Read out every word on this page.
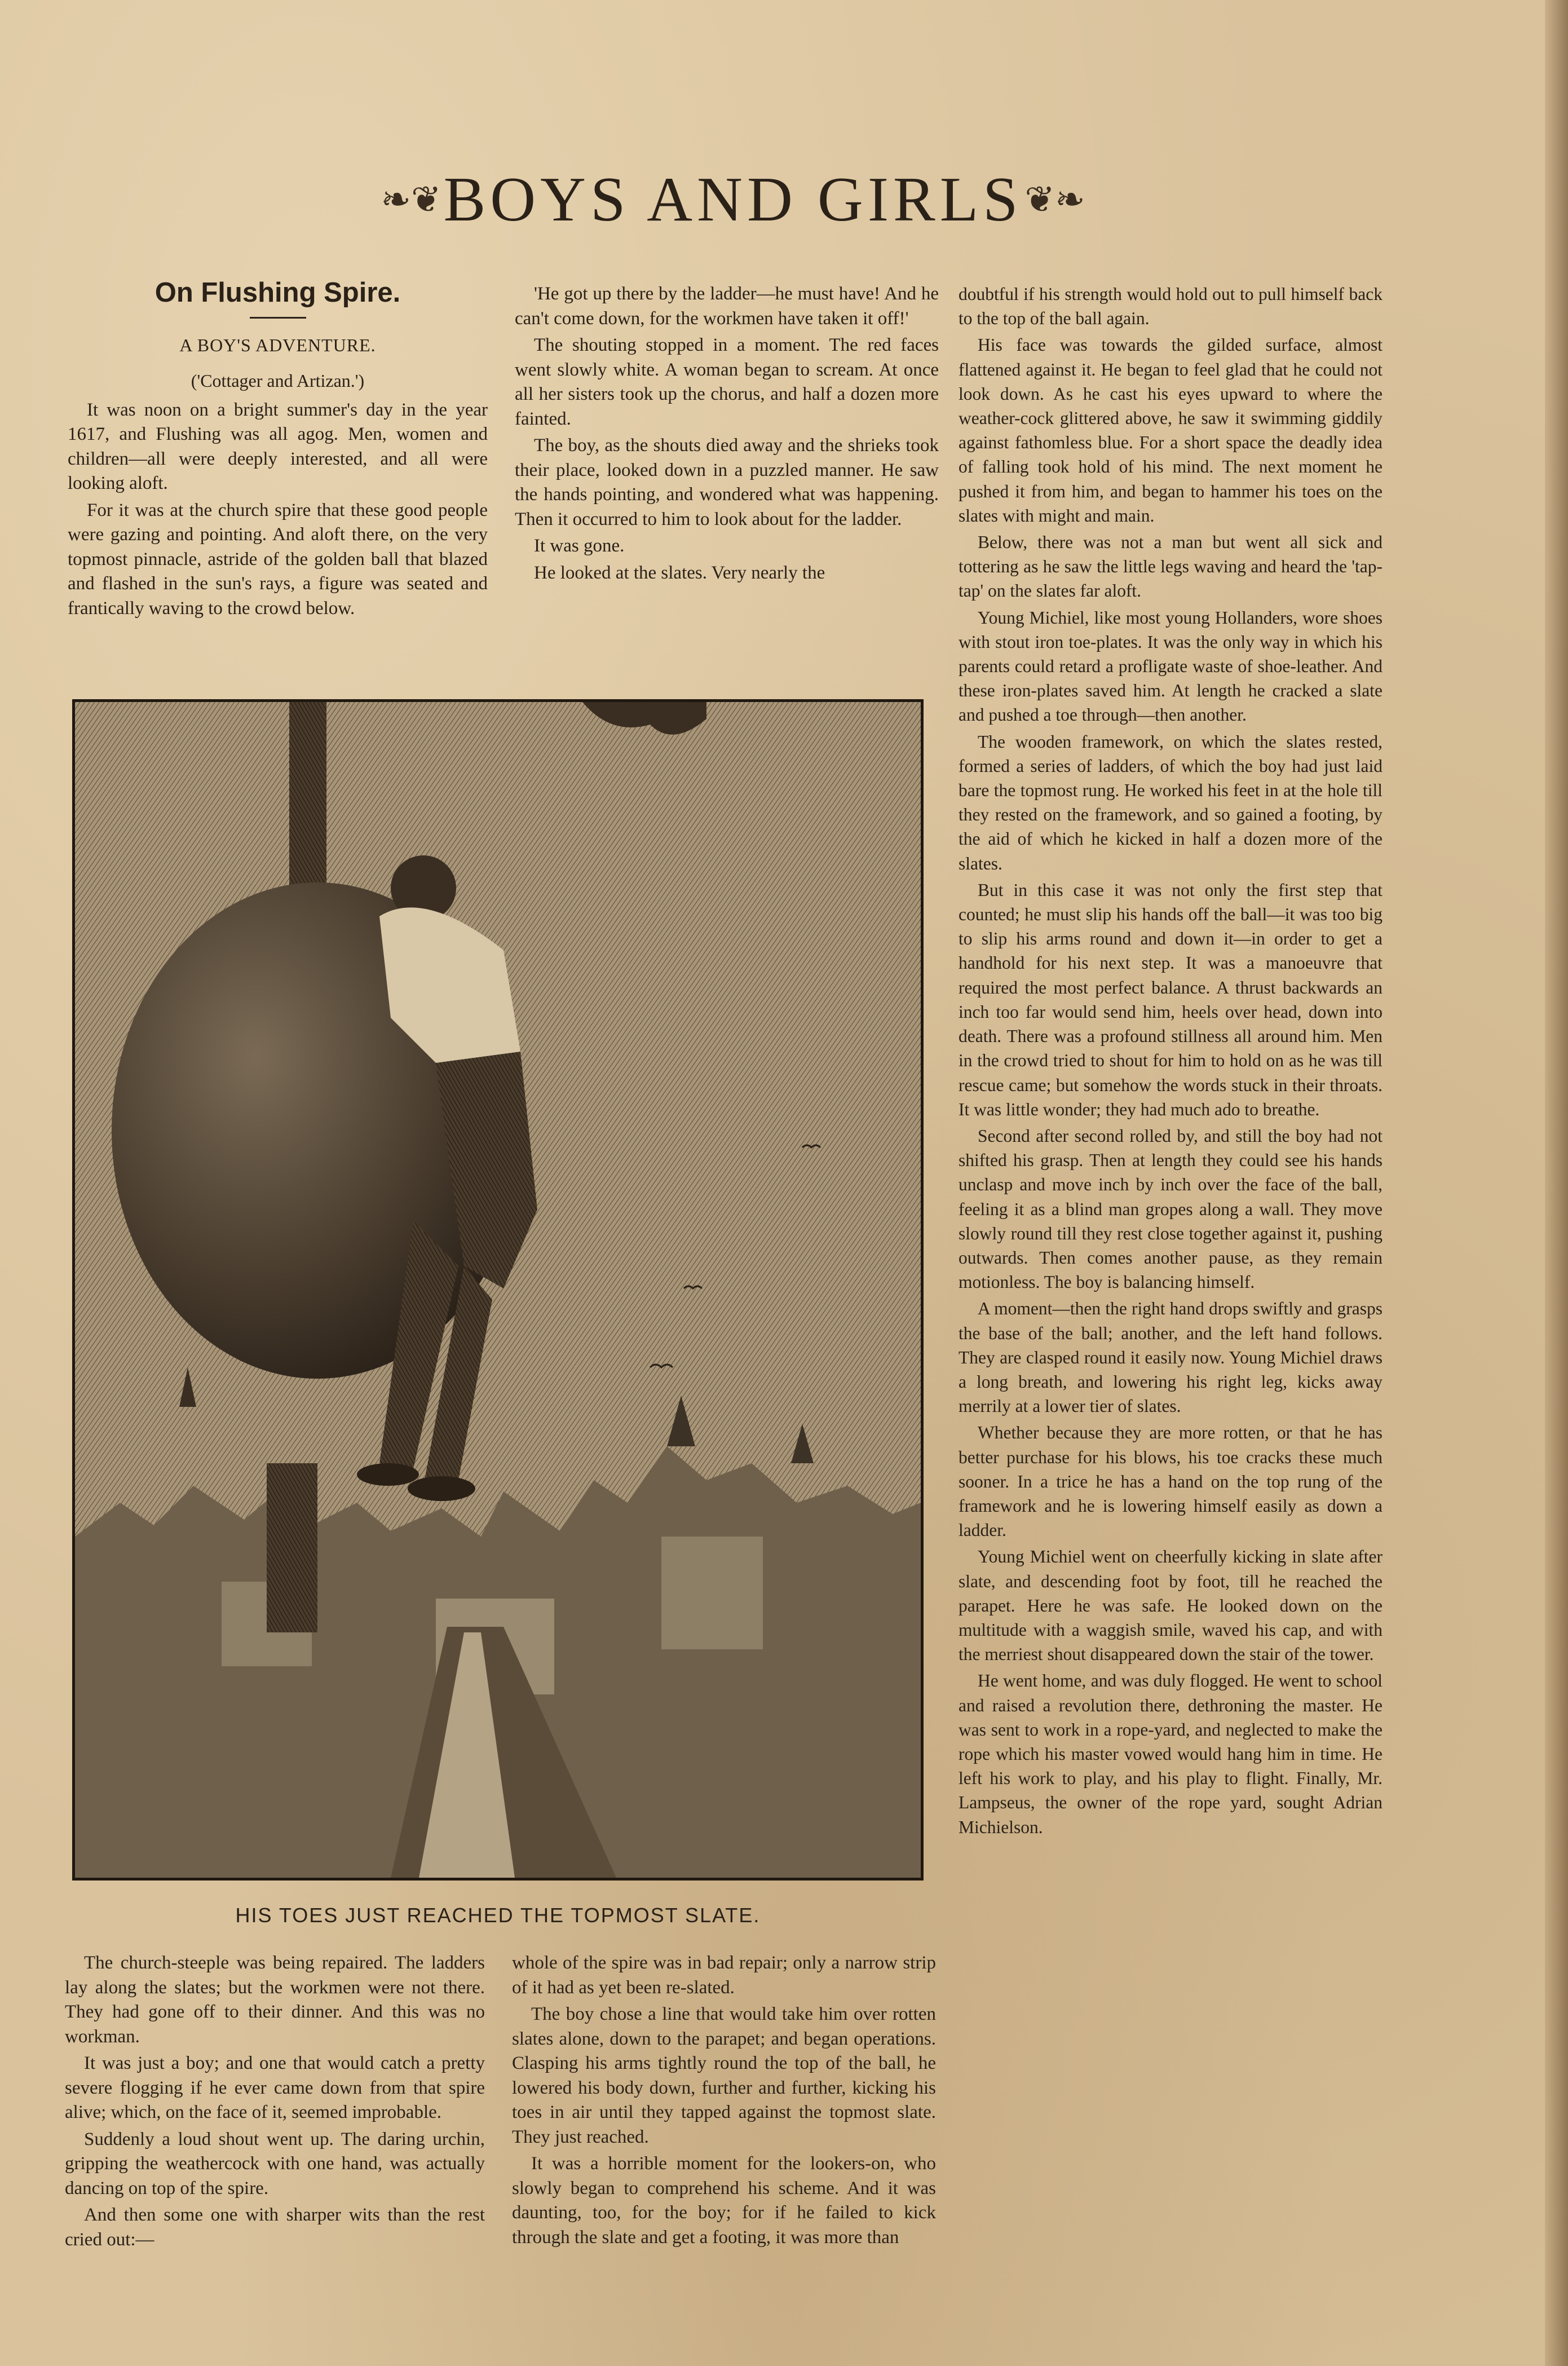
❧❦ BOYS AND GIRLS ❦❧
On Flushing Spire.
A BOY'S ADVENTURE.
('Cottager and Artizan.')

It was noon on a bright summer's day in the year 1617, and Flushing was all agog. Men, women and children—all were deeply interested, and all were looking aloft.

For it was at the church spire that these good people were gazing and pointing. And aloft there, on the very topmost pinnacle, astride of the golden ball that blazed and flashed in the sun's rays, a figure was seated and frantically waving to the crowd below.

'He got up there by the ladder—he must have! And he can't come down, for the workmen have taken it off!'

The shouting stopped in a moment. The red faces went slowly white. A woman began to scream. At once all her sisters took up the chorus, and half a dozen more fainted.

The boy, as the shouts died away and the shrieks took their place, looked down in a puzzled manner. He saw the hands pointing, and wondered what was happening. Then it occurred to him to look about for the ladder.

It was gone.

He looked at the slates. Very nearly the

doubtful if his strength would hold out to pull himself back to the top of the ball again.

His face was towards the gilded surface, almost flattened against it. He began to feel glad that he could not look down. As he cast his eyes upward to where the weather-cock glittered above, he saw it swimming giddily against fathomless blue. For a short space the deadly idea of falling took hold of his mind. The next moment he pushed it from him, and began to hammer his toes on the slates with might and main.

Below, there was not a man but went all sick and tottering as he saw the little legs waving and heard the 'tap-tap' on the slates far aloft.

Young Michiel, like most young Hollanders, wore shoes with stout iron toe-plates. It was the only way in which his parents could retard a profligate waste of shoe-leather. And these iron-plates saved him. At length he cracked a slate and pushed a toe through—then another.

The wooden framework, on which the slates rested, formed a series of ladders, of which the boy had just laid bare the topmost rung. He worked his feet in at the hole till they rested on the framework, and so gained a footing, by the aid of which he kicked in half a dozen more of the slates.

But in this case it was not only the first step that counted; he must slip his hands off the ball—it was too big to slip his arms round and down it—in order to get a handhold for his next step. It was a manoeuvre that required the most perfect balance. A thrust backwards an inch too far would send him, heels over head, down into death. There was a profound stillness all around him. Men in the crowd tried to shout for him to hold on as he was till rescue came; but somehow the words stuck in their throats. It was little wonder; they had much ado to breathe.

Second after second rolled by, and still the boy had not shifted his grasp. Then at length they could see his hands unclasp and move inch by inch over the face of the ball, feeling it as a blind man gropes along a wall. They move slowly round till they rest close together against it, pushing outwards. Then comes another pause, as they remain motionless. The boy is balancing himself.

A moment—then the right hand drops swiftly and grasps the base of the ball; another, and the left hand follows. They are clasped round it easily now. Young Michiel draws a long breath, and lowering his right leg, kicks away merrily at a lower tier of slates.

Whether because they are more rotten, or that he has better purchase for his blows, his toe cracks these much sooner. In a trice he has a hand on the top rung of the framework and he is lowering himself easily as down a ladder.

Young Michiel went on cheerfully kicking in slate after slate, and descending foot by foot, till he reached the parapet. Here he was safe. He looked down on the multitude with a waggish smile, waved his cap, and with the merriest shout disappeared down the stair of the tower.

He went home, and was duly flogged. He went to school and raised a revolution there, dethroning the master. He was sent to work in a rope-yard, and neglected to make the rope which his master vowed would hang him in time. He left his work to play, and his play to flight. Finally, Mr. Lampseus, the owner of the rope yard, sought Adrian Michielson.

HIS TOES JUST REACHED THE TOPMOST SLATE.

The church-steeple was being repaired. The ladders lay along the slates; but the workmen were not there. They had gone off to their dinner. And this was no workman.

It was just a boy; and one that would catch a pretty severe flogging if he ever came down from that spire alive; which, on the face of it, seemed improbable.

Suddenly a loud shout went up. The daring urchin, gripping the weathercock with one hand, was actually dancing on top of the spire.

And then some one with sharper wits than the rest cried out:—

whole of the spire was in bad repair; only a narrow strip of it had as yet been re-slated.

The boy chose a line that would take him over rotten slates alone, down to the parapet; and began operations. Clasping his arms tightly round the top of the ball, he lowered his body down, further and further, kicking his toes in air until they tapped against the topmost slate. They just reached.

It was a horrible moment for the lookers-on, who slowly began to comprehend his scheme. And it was daunting, too, for the boy; for if he failed to kick through the slate and get a footing, it was more than
